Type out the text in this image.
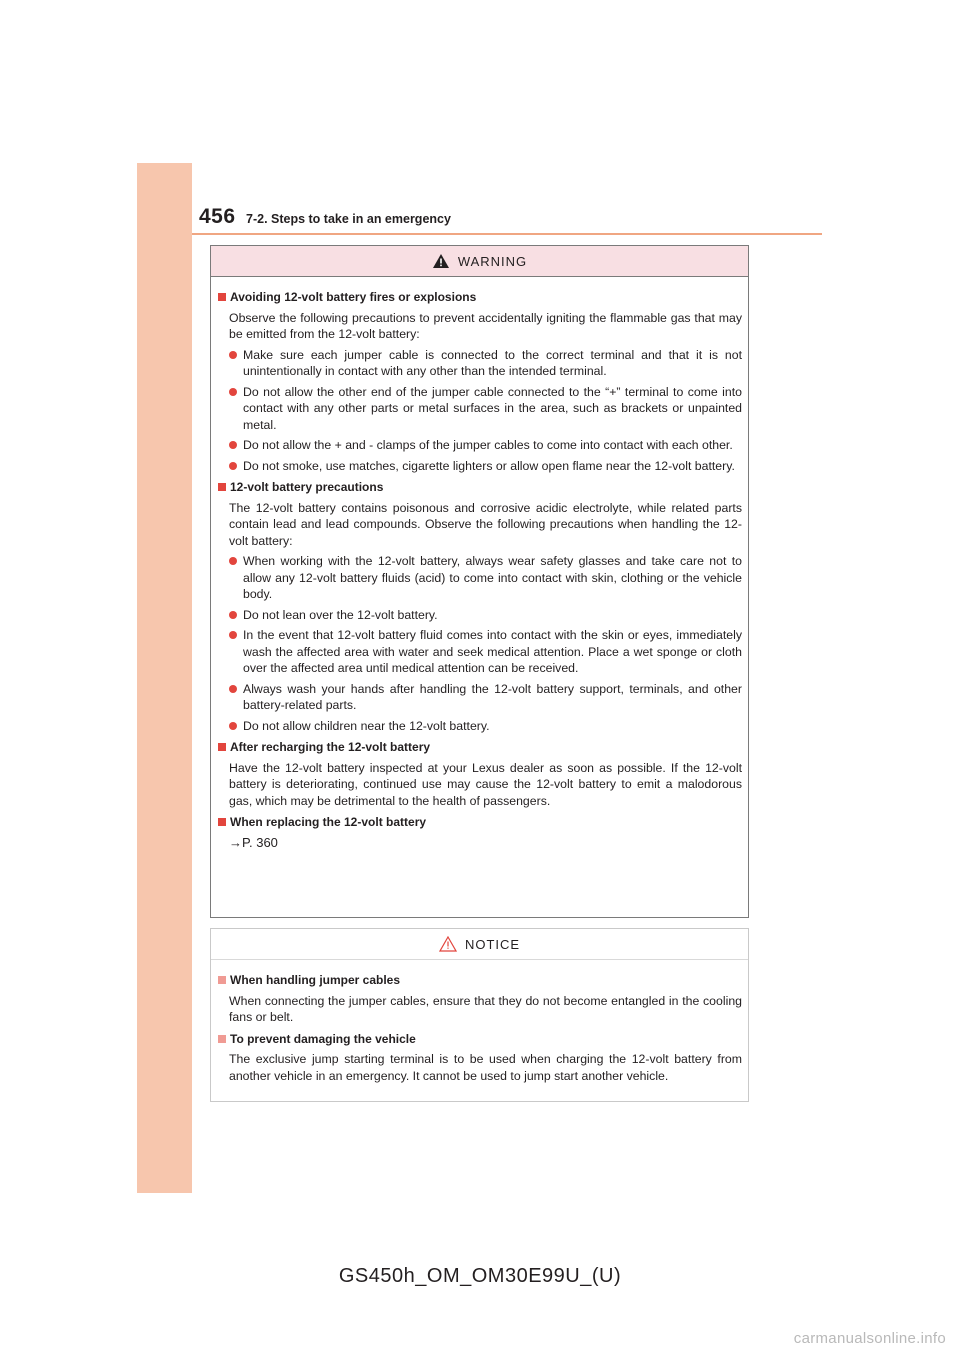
456 7-2. Steps to take in an emergency
WARNING
Avoiding 12-volt battery fires or explosions
Observe the following precautions to prevent accidentally igniting the flammable gas that may be emitted from the 12-volt battery:
Make sure each jumper cable is connected to the correct terminal and that it is not unintentionally in contact with any other than the intended terminal.
Do not allow the other end of the jumper cable connected to the “+” terminal to come into contact with any other parts or metal surfaces in the area, such as brackets or unpainted metal.
Do not allow the + and - clamps of the jumper cables to come into contact with each other.
Do not smoke, use matches, cigarette lighters or allow open flame near the 12-volt battery.
12-volt battery precautions
The 12-volt battery contains poisonous and corrosive acidic electrolyte, while related parts contain lead and lead compounds. Observe the following precautions when handling the 12-volt battery:
When working with the 12-volt battery, always wear safety glasses and take care not to allow any 12-volt battery fluids (acid) to come into contact with skin, clothing or the vehicle body.
Do not lean over the 12-volt battery.
In the event that 12-volt battery fluid comes into contact with the skin or eyes, immediately wash the affected area with water and seek medical attention. Place a wet sponge or cloth over the affected area until medical attention can be received.
Always wash your hands after handling the 12-volt battery support, terminals, and other battery-related parts.
Do not allow children near the 12-volt battery.
After recharging the 12-volt battery
Have the 12-volt battery inspected at your Lexus dealer as soon as possible. If the 12-volt battery is deteriorating, continued use may cause the 12-volt battery to emit a malodorous gas, which may be detrimental to the health of passengers.
When replacing the 12-volt battery
→P. 360
NOTICE
When handling jumper cables
When connecting the jumper cables, ensure that they do not become entangled in the cooling fans or belt.
To prevent damaging the vehicle
The exclusive jump starting terminal is to be used when charging the 12-volt battery from another vehicle in an emergency. It cannot be used to jump start another vehicle.
GS450h_OM_OM30E99U_(U)
carmanualsonline.info
